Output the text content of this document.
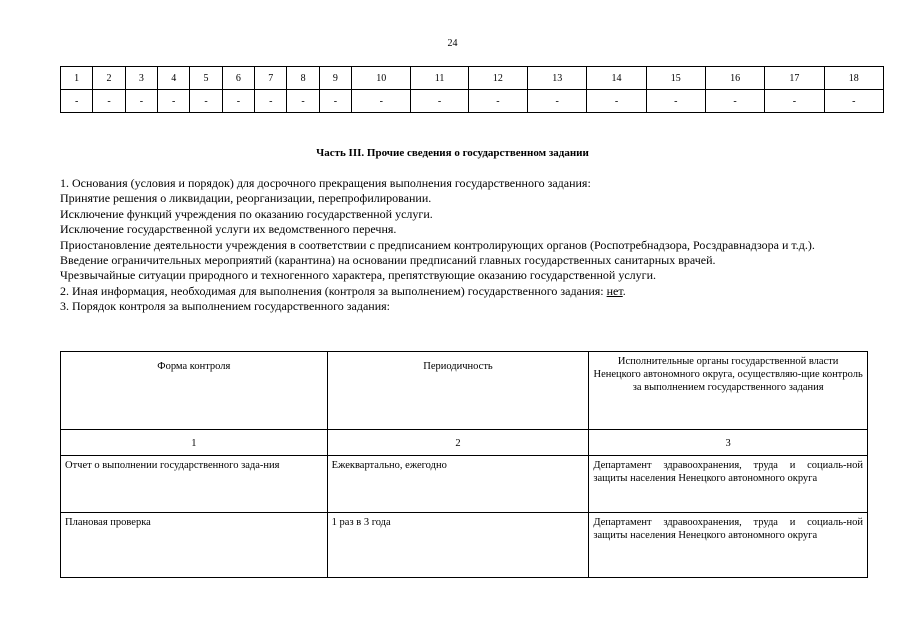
24
1	2	3	4	5	6	7	8	9	10	11	12	13	14	15	16	17	18
-	-	-	-	-	-	-	-	-	-	-	-	-	-	-	-	-	-
Часть III. Прочие сведения о государственном задании

1. Основания (условия и порядок) для досрочного прекращения выполнения государственного задания:

Принятие решения о ликвидации, реорганизации, перепрофилировании.

Исключение функций учреждения по оказанию государственной услуги.

Исключение государственной услуги их ведомственного перечня.

Приостановление деятельности учреждения в соответствии с предписанием контролирующих органов (Роспотребнадзора, Росздравнадзора и т.д.).

Введение ограничительных мероприятий (карантина) на основании предписаний главных государственных санитарных врачей.

Чрезвычайные ситуации природного и техногенного характера, препятствующие оказанию государственной услуги.

2. Иная информация, необходимая для выполнения (контроля за выполнением) государственного задания: нет.

3. Порядок контроля за выполнением государственного задания:

Форма контроля	Периодичность	Исполнительные органы государственной власти Ненецкого автономного округа, осуществляю-щие контроль за выполнением государственного задания
1	2	3
Отчет о выполнении государственного зада-ния	Ежеквартально, ежегодно	Департамент здравоохранения, труда и социаль-ной защиты населения Ненецкого автономного округа
Плановая проверка	1 раз в 3 года	Департамент здравоохранения, труда и социаль-ной защиты населения Ненецкого автономного округа
